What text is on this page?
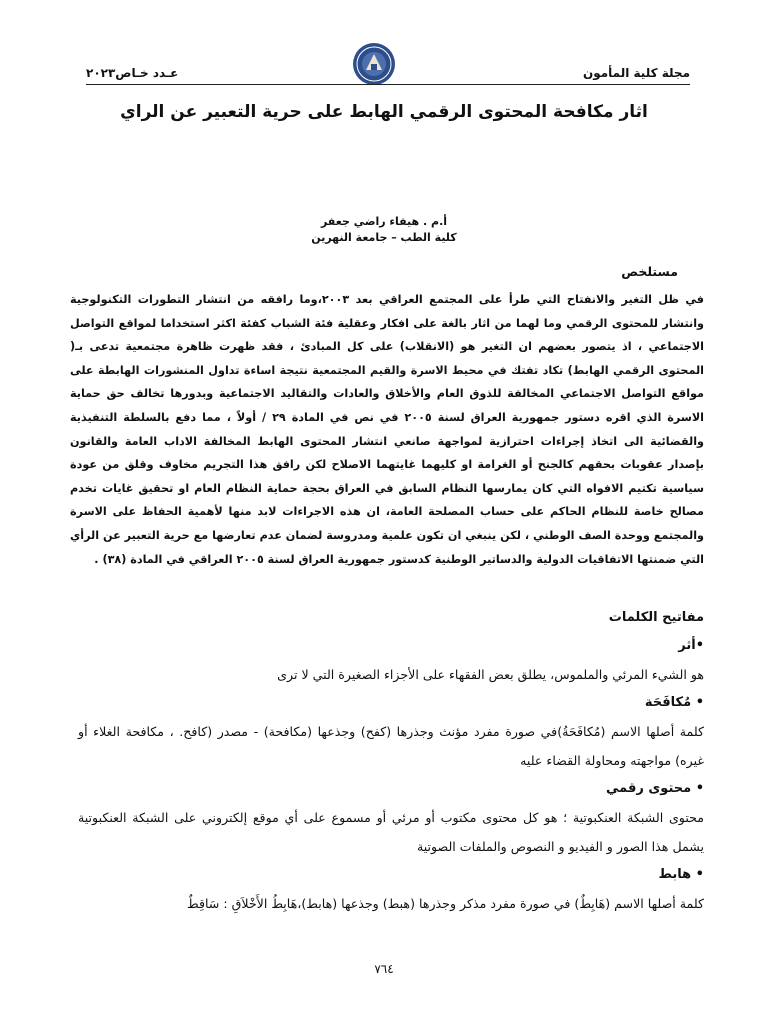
مجلة كلية المأمون
عـدد خـاص٢٠٢٣
اثار مكافحة المحتوى الرقمي الهابط على حرية التعبير عن الراي
أ.م . هيفاء راضي جعفر
كلية الطب – جامعة النهرين
مستلخص

في ظل التغير والانفتاح التي طرأ على المجتمع العراقي بعد ٢٠٠٣،وما رافقه من انتشار التطورات التكنولوجية وانتشار للمحتوى الرقمي وما لهما من اثار بالغة على افكار وعقلية فئة الشباب كفئة اكثر استخداما لمواقع التواصل الاجتماعي ، اذ يتصور بعضهم ان التغير هو (الانقلاب) على كل المبادئ ، فقد ظهرت ظاهرة مجتمعية تدعى بـ( المحتوى الرقمي الهابط) تكاد تفتك في محيط الاسرة والقيم المجتمعية نتيجة اساءة تداول المنشورات الهابطة على مواقع التواصل الاجتماعي المخالفة للذوق العام والأخلاق والعادات والتقاليد الاجتماعية وبدورها تخالف حق حماية الاسرة الذي اقره دستور جمهورية العراق لسنة ٢٠٠٥ في نص في المادة ٢٩ / أولاً ، مما دفع بالسلطة التنفيذية والقضائية الى اتخاذ إجراءات احترازية لمواجهة صانعي انتشار المحتوى الهابط المخالفة الاداب العامة والقانون بإصدار عقوبات بحقهم كالجنح أو الغرامة او كليهما غايتهما الاصلاح لكن رافق هذا التجريم مخاوف وقلق من عودة سياسية تكتيم الافواه التي كان يمارسها النظام السابق في العراق بحجة حماية النظام العام او تحقيق غايات تخدم مصالح خاصة للنظام الحاكم على حساب المصلحة العامة، ان هذه الاجراءات لابد منها لأهمية الحفاظ على الاسرة والمجتمع ووحدة الصف الوطني ، لكن ينبغي ان تكون علمية ومدروسة لضمان عدم تعارضها مع حرية التعبير عن الرأي التي ضمنتها الاتفاقيات الدولية والدساتير الوطنية كدستور جمهورية العراق لسنة ٢٠٠٥ العراقي في المادة (٣٨) .

مفاتيح الكلمات
•أثر
هو الشيء المرئي والملموس، يطلق بعض الفقهاء على الأجزاء الصغيرة التي لا ترى
• مُكافَحَة
كلمة أصلها الاسم (مُكافَحَةُ)في صورة مفرد مؤنث وجذرها (كفح) وجذعها (مكافحة) - مصدر (كافح. ، مكافحة الغلاء أو غيره) مواجهته ومحاولة القضاء عليه
• محتوى رقمي
محتوى الشبكة العنكبوتية ؛ هو كل محتوى مكتوب أو مرئي أو مسموع على أي موقع إلكتروني على الشبكة العنكبوتية يشمل هذا الصور و الفيديو و النصوص والملفات الصوتية
• هابط
كلمة أصلها الاسم (هَابِطٌ) في صورة مفرد مذكر وجذرها (هبط) وجذعها (هابط)،هَابِطُ الأَخْلاَقِ : سَاقِطٌ
٧٦٤
